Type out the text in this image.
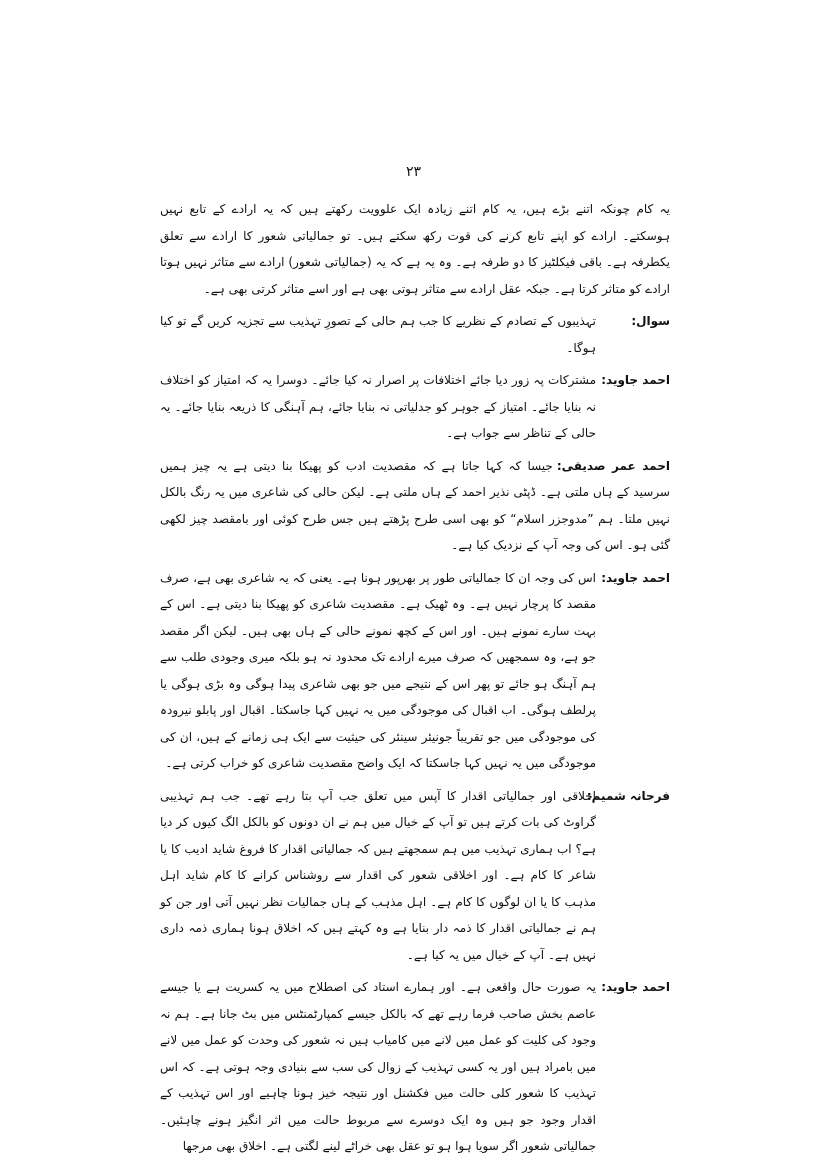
۲۳
یہ کام چونکہ اتنے بڑے ہیں، یہ کام اتنے زیادہ ایک علوویت رکھتے ہیں کہ یہ ارادے کے تابع نہیں ہوسکتے۔ ارادے کو اپنے تابع کرنے کی قوت رکھ سکتے ہیں۔ تو جمالیاتی شعور کا ارادے سے تعلق یکطرفہ ہے۔ باقی فیکلٹیز کا دو طرفہ ہے۔ وہ یہ ہے کہ یہ (جمالیاتی شعور) ارادے سے متاثر نہیں ہوتا ارادے کو متاثر کرتا ہے۔ جبکہ عقل ارادے سے متاثر ہوتی بھی ہے اور اسے متاثر کرتی بھی ہے۔
سوال:
تہذیبوں کے تصادم کے نظریے کا جب ہم حالی کے تصورِ تہذیب سے تجزیہ کریں گے تو کیا ہوگا۔
احمد جاوید:
مشترکات پہ زور دیا جائے اختلافات پر اصرار نہ کیا جائے۔ دوسرا یہ کہ امتیاز کو اختلاف نہ بنایا جائے۔ امتیاز کے جوہر کو جدلیاتی نہ بنایا جائے، ہم آہنگی کا ذریعہ بنایا جائے۔ یہ حالی کے تناظر سے جواب ہے۔
احمد عمر صدیقی:جیسا کہ کہا جاتا ہے کہ مقصدیت ادب کو پھیکا بنا دیتی ہے یہ چیز ہمیں سرسید کے ہاں ملتی ہے۔ ڈپٹی نذیر احمد کے ہاں ملتی ہے۔ لیکن حالی کی شاعری میں یہ رنگ بالکل نہیں ملتا۔ ہم ”مدوجزر اسلام“ کو بھی اسی طرح پڑھتے ہیں جس طرح کوئی اور بامقصد چیز لکھی گئی ہو۔ اس کی وجہ آپ کے نزدیک کیا ہے۔
احمد جاوید:
اس کی وجہ ان کا جمالیاتی طور پر بھرپور ہونا ہے۔ یعنی کہ یہ شاعری بھی ہے، صرف مقصد کا پرچار نہیں ہے۔ وہ ٹھیک ہے۔ مقصدیت شاعری کو پھیکا بنا دیتی ہے۔ اس کے بہت سارے نمونے ہیں۔ اور اس کے کچھ نمونے حالی کے ہاں بھی ہیں۔ لیکن اگر مقصد جو ہے، وہ سمجھیں کہ صرف میرے ارادے تک محدود نہ ہو بلکہ میری وجودی طلب سے ہم آہنگ ہو جائے تو پھر اس کے نتیجے میں جو بھی شاعری پیدا ہوگی وہ بڑی ہوگی یا پرلطف ہوگی۔ اب اقبال کی موجودگی میں یہ نہیں کہا جاسکتا۔ اقبال اور پابلو نیرودہ کی موجودگی میں جو تقریباً جونیئر سینئر کی حیثیت سے ایک ہی زمانے کے ہیں، ان کی موجودگی میں یہ نہیں کہا جاسکتا کہ ایک واضح مقصدیت شاعری کو خراب کرتی ہے۔
فرحانہ شمیم:
اخلاقی اور جمالیاتی اقدار کا آپس میں تعلق جب آپ بتا رہے تھے۔ جب ہم تہذیبی گراوٹ کی بات کرتے ہیں تو آپ کے خیال میں ہم نے ان دونوں کو بالکل الگ کیوں کر دیا ہے؟ اب ہماری تہذیب میں ہم سمجھتے ہیں کہ جمالیاتی اقدار کا فروغ شاید ادیب کا یا شاعر کا کام ہے۔ اور اخلاقی شعور کی اقدار سے روشناس کرانے کا کام شاید اہل مذہب کا یا ان لوگوں کا کام ہے۔ اہل مذہب کے ہاں جمالیات نظر نہیں آتی اور جن کو ہم نے جمالیاتی اقدار کا ذمہ دار بنایا ہے وہ کہتے ہیں کہ اخلاق ہونا ہماری ذمہ داری نہیں ہے۔ آپ کے خیال میں یہ کیا ہے۔
احمد جاوید:
یہ صورت حال واقعی ہے۔ اور ہمارے استاد کی اصطلاح میں یہ کسریت ہے یا جیسے عاصم بخش صاحب فرما رہے تھے کہ بالکل جیسے کمپارٹمنٹس میں بٹ جانا ہے۔ ہم نہ وجود کی کلیت کو عمل میں لانے میں کامیاب ہیں نہ شعور کی وحدت کو عمل میں لانے میں بامراد ہیں اور یہ کسی تہذیب کے زوال کی سب سے بنیادی وجہ ہوتی ہے۔ کہ اس تہذیب کا شعور کلی حالت میں فکشنل اور نتیجہ خیز ہونا چاہیے اور اس تہذیب کے اقدار وجود جو ہیں وہ ایک دوسرے سے مربوط حالت میں اثر انگیز ہونے چاہئیں۔ جمالیاتی شعور اگر سویا ہوا ہو تو عقل بھی خراٹے لینے لگتی ہے۔ اخلاق بھی مرجھا
